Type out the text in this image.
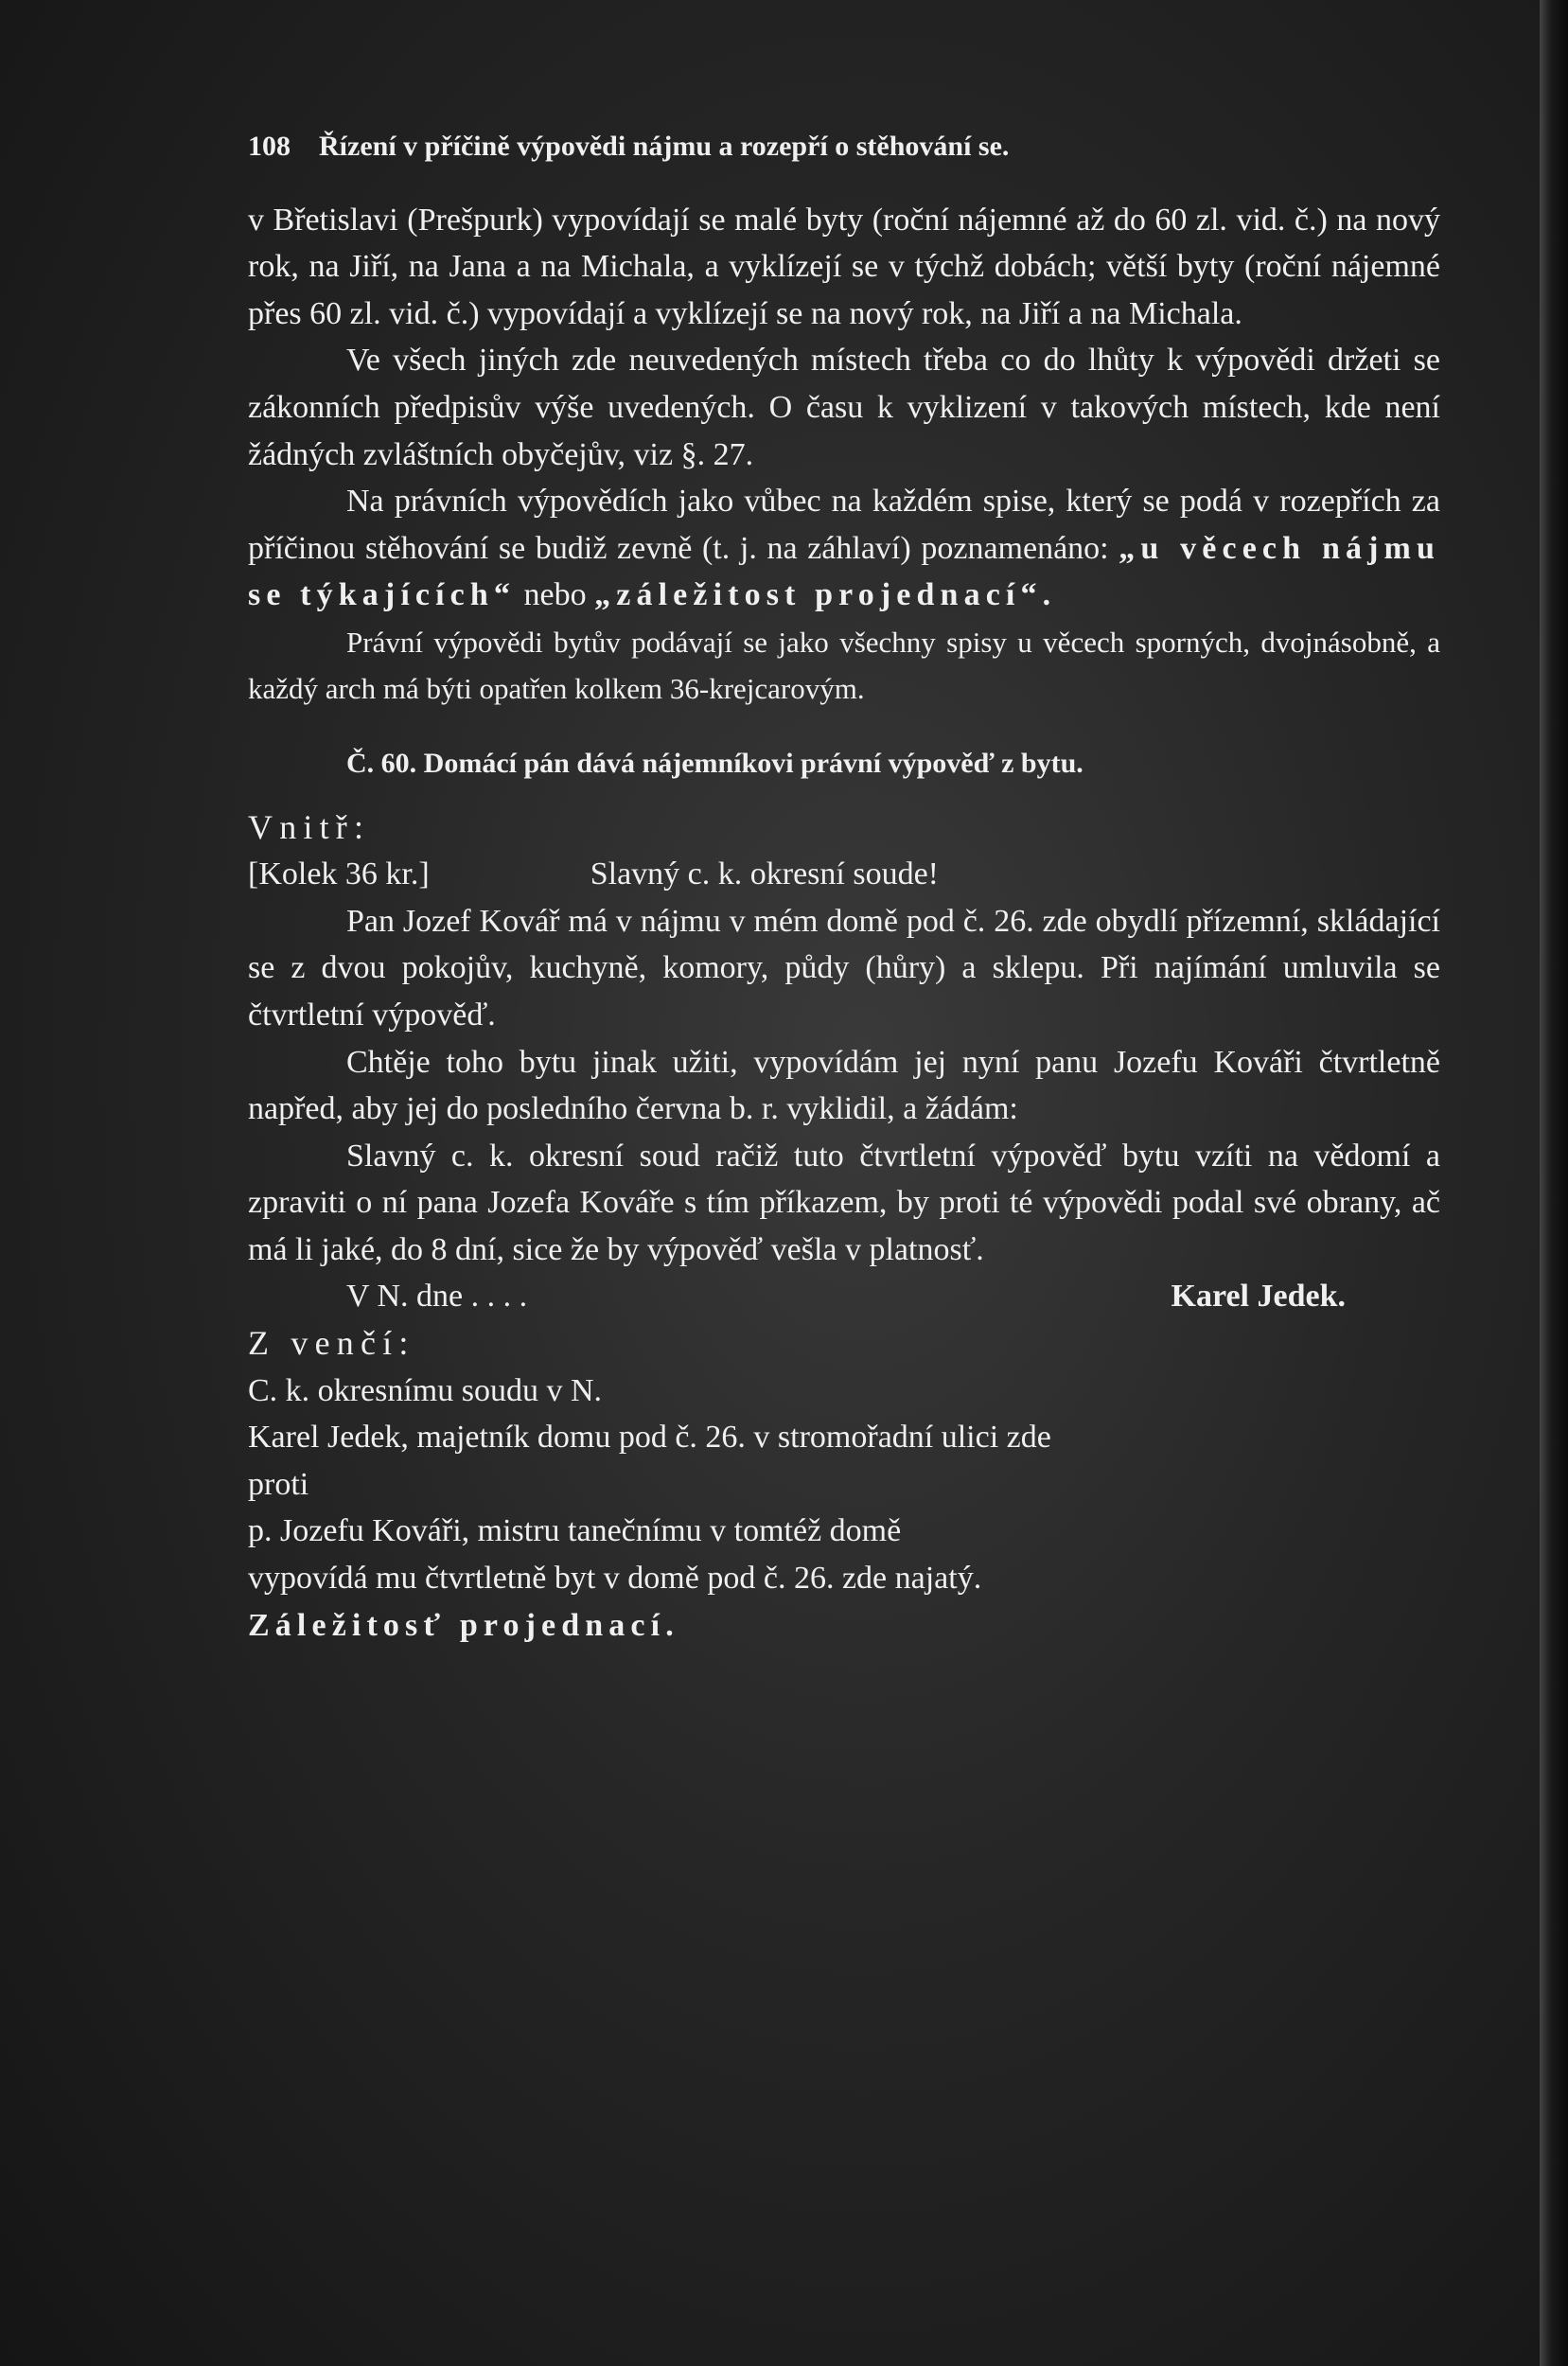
108 Řízení v příčině výpovědi nájmu a rozepří o stěhování se.

v Břetislavi (Prešpurk) vypovídají se malé byty (roční nájemné až do 60 zl. vid. č.) na nový rok, na Jiří, na Jana a na Michala, a vyklízejí se v týchž dobách; větší byty (roční nájemné přes 60 zl. vid. č.) vypovídají a vyklízejí se na nový rok, na Jiří a na Michala.

Ve všech jiných zde neuvedených místech třeba co do lhůty k výpovědi držeti se zákonních předpisův výše uvedených. O času k vyklizení v takových místech, kde není žádných zvláštních obyčejův, viz §. 27.

Na právních výpovědích jako vůbec na každém spise, který se podá v rozepřích za příčinou stěhování se budiž zevně (t. j. na záhlaví) poznamenáno: „u věcech nájmu se týkajících“ nebo „záležitost projednací“.

Právní výpovědi bytův podávají se jako všechny spisy u věcech sporných, dvojnásobně, a každý arch má býti opatřen kolkem 36-krejcarovým.

Č. 60. Domácí pán dává nájemníkovi právní výpověď z bytu.

Vnitř:

[Kolek 36 kr.]	Slavný c. k. okresní soude!

Pan Jozef Kovář má v nájmu v mém domě pod č. 26. zde obydlí přízemní, skládající se z dvou pokojův, kuchyně, komory, půdy (hůry) a sklepu. Při najímání umluvila se čtvrtletní výpověď.

Chtěje toho bytu jinak užiti, vypovídám jej nyní panu Jozefu Kováři čtvrtletně napřed, aby jej do posledního června b. r. vyklidil, a žádám:

Slavný c. k. okresní soud račiž tuto čtvrtletní výpověď bytu vzíti na vědomí a zpraviti o ní pana Jozefa Kováře s tím příkazem, by proti té výpovědi podal své obrany, ač má li jaké, do 8 dní, sice že by výpověď vešla v platnosť.

V N. dne . . . .	Karel Jedek.

Z venčí:

C. k. okresnímu soudu v N.

Karel Jedek, majetník domu pod č. 26. v stromořadní ulici zde

proti

p. Jozefu Kováři, mistru tanečnímu v tomtéž domě

vypovídá mu čtvrtletně byt v domě pod č. 26. zde najatý.

Záležitosť projednací.
